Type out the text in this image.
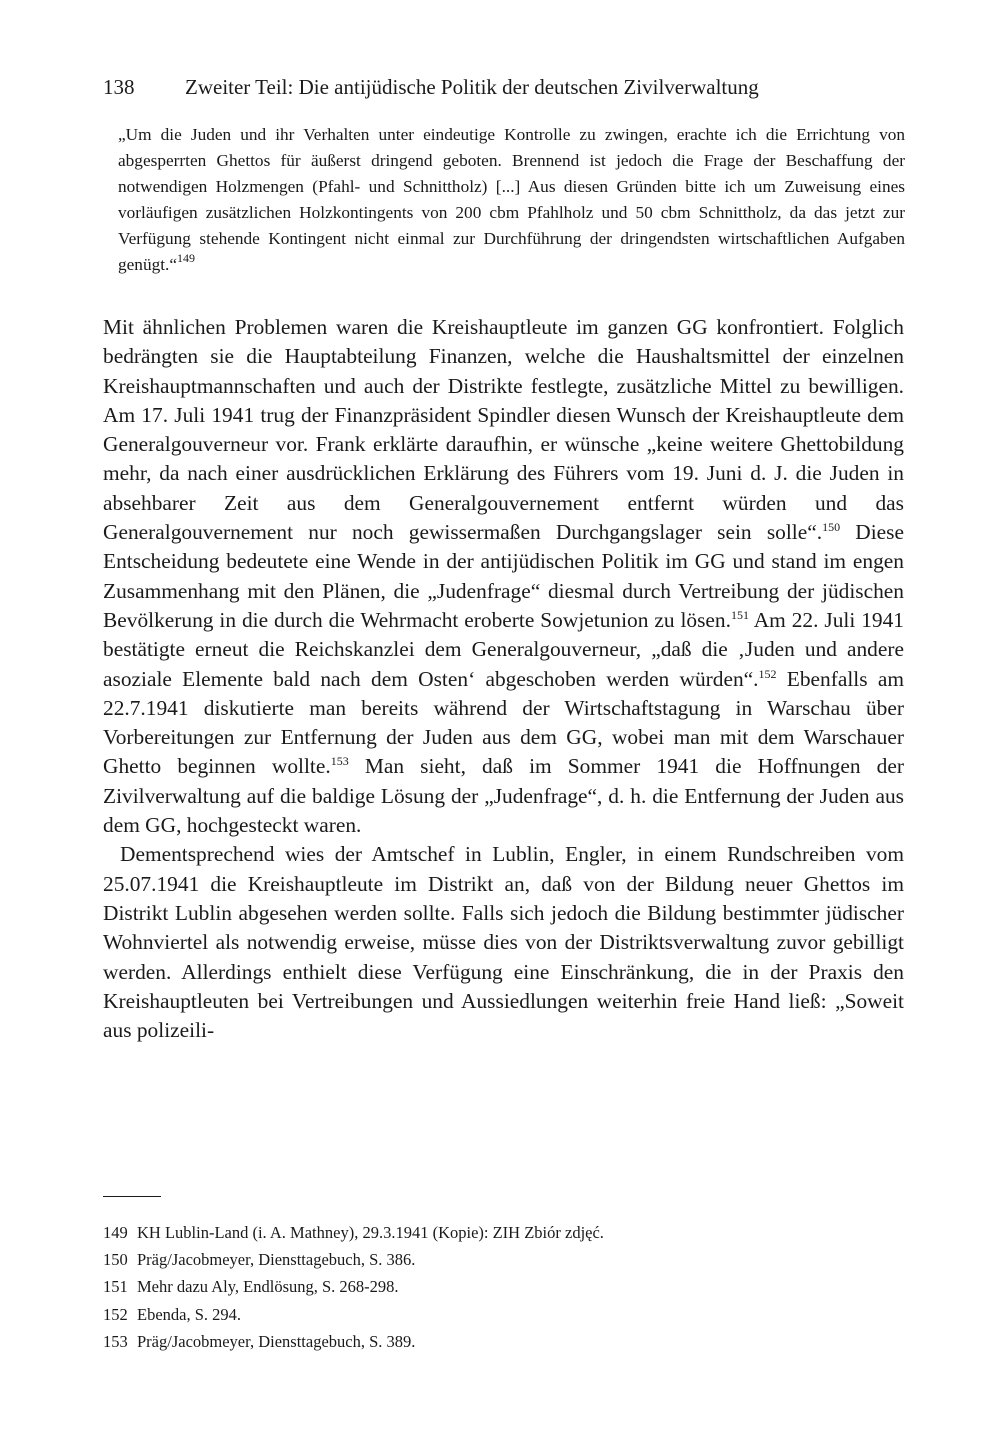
138 Zweiter Teil: Die antijüdische Politik der deutschen Zivilverwaltung

„Um die Juden und ihr Verhalten unter eindeutige Kontrolle zu zwingen, erachte ich die Errichtung von abgesperrten Ghettos für äußerst dringend geboten. Brennend ist jedoch die Frage der Beschaffung der notwendigen Holzmengen (Pfahl- und Schnittholz) [...] Aus diesen Gründen bitte ich um Zuweisung eines vorläufigen zusätzlichen Holzkontingents von 200 cbm Pfahlholz und 50 cbm Schnittholz, da das jetzt zur Verfügung stehende Kontingent nicht einmal zur Durchführung der dringendsten wirtschaftlichen Aufgaben genügt.“$^{149}$

Mit ähnlichen Problemen waren die Kreishauptleute im ganzen GG konfrontiert. Folglich bedrängten sie die Hauptabteilung Finanzen, welche die Haushaltsmittel der einzelnen Kreishauptmannschaften und auch der Distrikte festlegte, zusätzliche Mittel zu bewilligen. Am 17. Juli 1941 trug der Finanzpräsident Spindler diesen Wunsch der Kreishauptleute dem Generalgouverneur vor. Frank erklärte daraufhin, er wünsche „keine weitere Ghettobildung mehr, da nach einer ausdrücklichen Erklärung des Führers vom 19. Juni d. J. die Juden in absehbarer Zeit aus dem Generalgouvernement entfernt würden und das Generalgouvernement nur noch gewissermaßen Durchgangslager sein solle“.$^{150}$ Diese Entscheidung bedeutete eine Wende in der antijüdischen Politik im GG und stand im engen Zusammenhang mit den Plänen, die „Judenfrage“ diesmal durch Vertreibung der jüdischen Bevölkerung in die durch die Wehrmacht eroberte Sowjetunion zu lösen.$^{151}$ Am 22. Juli 1941 bestätigte erneut die Reichskanzlei dem Generalgouverneur, „daß die ‚Juden und andere asoziale Elemente bald nach dem Osten‘ abgeschoben werden würden“.$^{152}$ Ebenfalls am 22.7.1941 diskutierte man bereits während der Wirtschaftstagung in Warschau über Vorbereitungen zur Entfernung der Juden aus dem GG, wobei man mit dem Warschauer Ghetto beginnen wollte.$^{153}$ Man sieht, daß im Sommer 1941 die Hoffnungen der Zivilverwaltung auf die baldige Lösung der „Judenfrage“, d. h. die Entfernung der Juden aus dem GG, hochgesteckt waren.

Dementsprechend wies der Amtschef in Lublin, Engler, in einem Rundschreiben vom 25.07.1941 die Kreishauptleute im Distrikt an, daß von der Bildung neuer Ghettos im Distrikt Lublin abgesehen werden sollte. Falls sich jedoch die Bildung bestimmter jüdischer Wohnviertel als notwendig erweise, müsse dies von der Distriktsverwaltung zuvor gebilligt werden. Allerdings enthielt diese Verfügung eine Einschränkung, die in der Praxis den Kreishauptleuten bei Vertreibungen und Aussiedlungen weiterhin freie Hand ließ: „Soweit aus polizeili-

149 KH Lublin-Land (i. A. Mathney), 29.3.1941 (Kopie): ZIH Zbiór zdjęć.
150 Präg/Jacobmeyer, Diensttagebuch, S. 386.
151 Mehr dazu Aly, Endlösung, S. 268-298.
152 Ebenda, S. 294.
153 Präg/Jacobmeyer, Diensttagebuch, S. 389.
